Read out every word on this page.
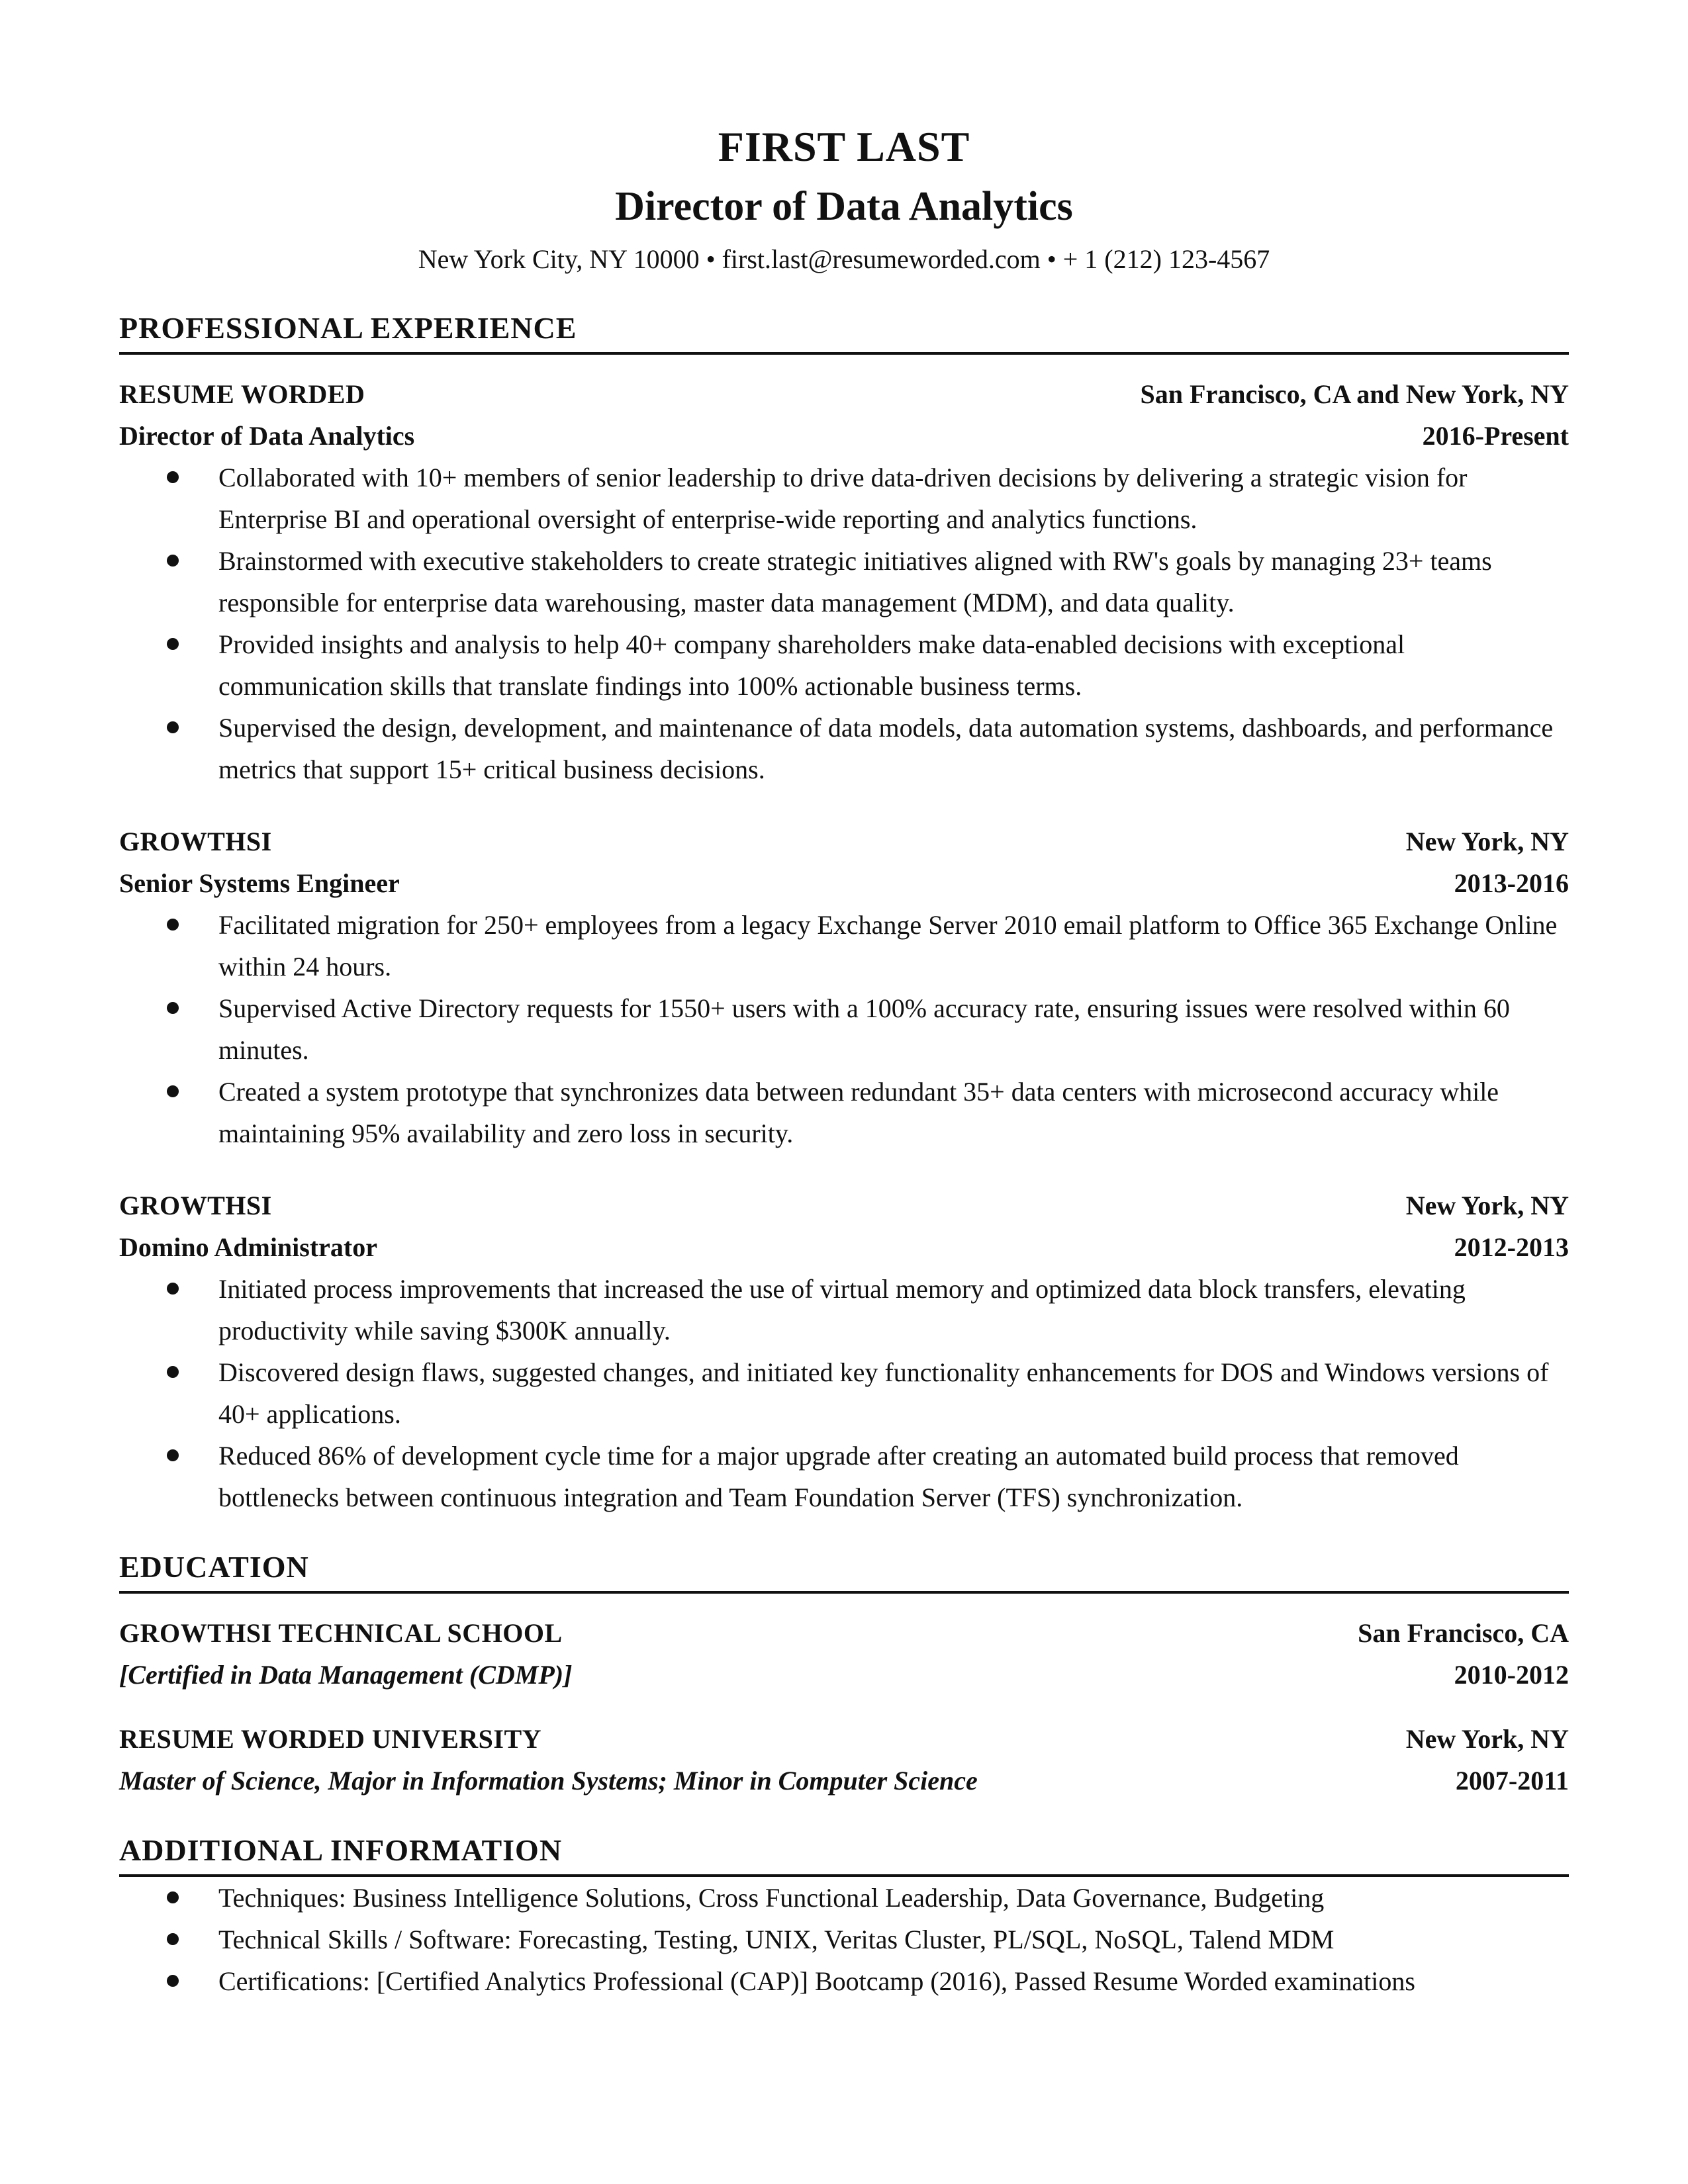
FIRST LAST
Director of Data Analytics
New York City, NY 10000 • first.last@resumeworded.com • + 1 (212) 123-4567
PROFESSIONAL EXPERIENCE
RESUME WORDED	San Francisco, CA and New York, NY
Director of Data Analytics	2016-Present
Collaborated with 10+ members of senior leadership to drive data-driven decisions by delivering a strategic vision for Enterprise BI and operational oversight of enterprise-wide reporting and analytics functions.
Brainstormed with executive stakeholders to create strategic initiatives aligned with RW's goals by managing 23+ teams responsible for enterprise data warehousing, master data management (MDM), and data quality.
Provided insights and analysis to help 40+ company shareholders make data-enabled decisions with exceptional communication skills that translate findings into 100% actionable business terms.
Supervised the design, development, and maintenance of data models, data automation systems, dashboards, and performance metrics that support 15+ critical business decisions.
GROWTHSI	New York, NY
Senior Systems Engineer	2013-2016
Facilitated migration for 250+ employees from a legacy Exchange Server 2010 email platform to Office 365 Exchange Online within 24 hours.
Supervised Active Directory requests for 1550+ users with a 100% accuracy rate, ensuring issues were resolved within 60 minutes.
Created a system prototype that synchronizes data between redundant 35+ data centers with microsecond accuracy while maintaining 95% availability and zero loss in security.
GROWTHSI	New York, NY
Domino Administrator	2012-2013
Initiated process improvements that increased the use of virtual memory and optimized data block transfers, elevating productivity while saving $300K annually.
Discovered design flaws, suggested changes, and initiated key functionality enhancements for DOS and Windows versions of 40+ applications.
Reduced 86% of development cycle time for a major upgrade after creating an automated build process that removed bottlenecks between continuous integration and Team Foundation Server (TFS) synchronization.
EDUCATION
GROWTHSI TECHNICAL SCHOOL	San Francisco, CA
[Certified in Data Management (CDMP)]	2010-2012
RESUME WORDED UNIVERSITY	New York, NY
Master of Science, Major in Information Systems; Minor in Computer Science	2007-2011
ADDITIONAL INFORMATION
Techniques: Business Intelligence Solutions, Cross Functional Leadership, Data Governance, Budgeting
Technical Skills / Software: Forecasting, Testing, UNIX, Veritas Cluster, PL/SQL, NoSQL, Talend MDM
Certifications: [Certified Analytics Professional (CAP)] Bootcamp (2016), Passed Resume Worded examinations
